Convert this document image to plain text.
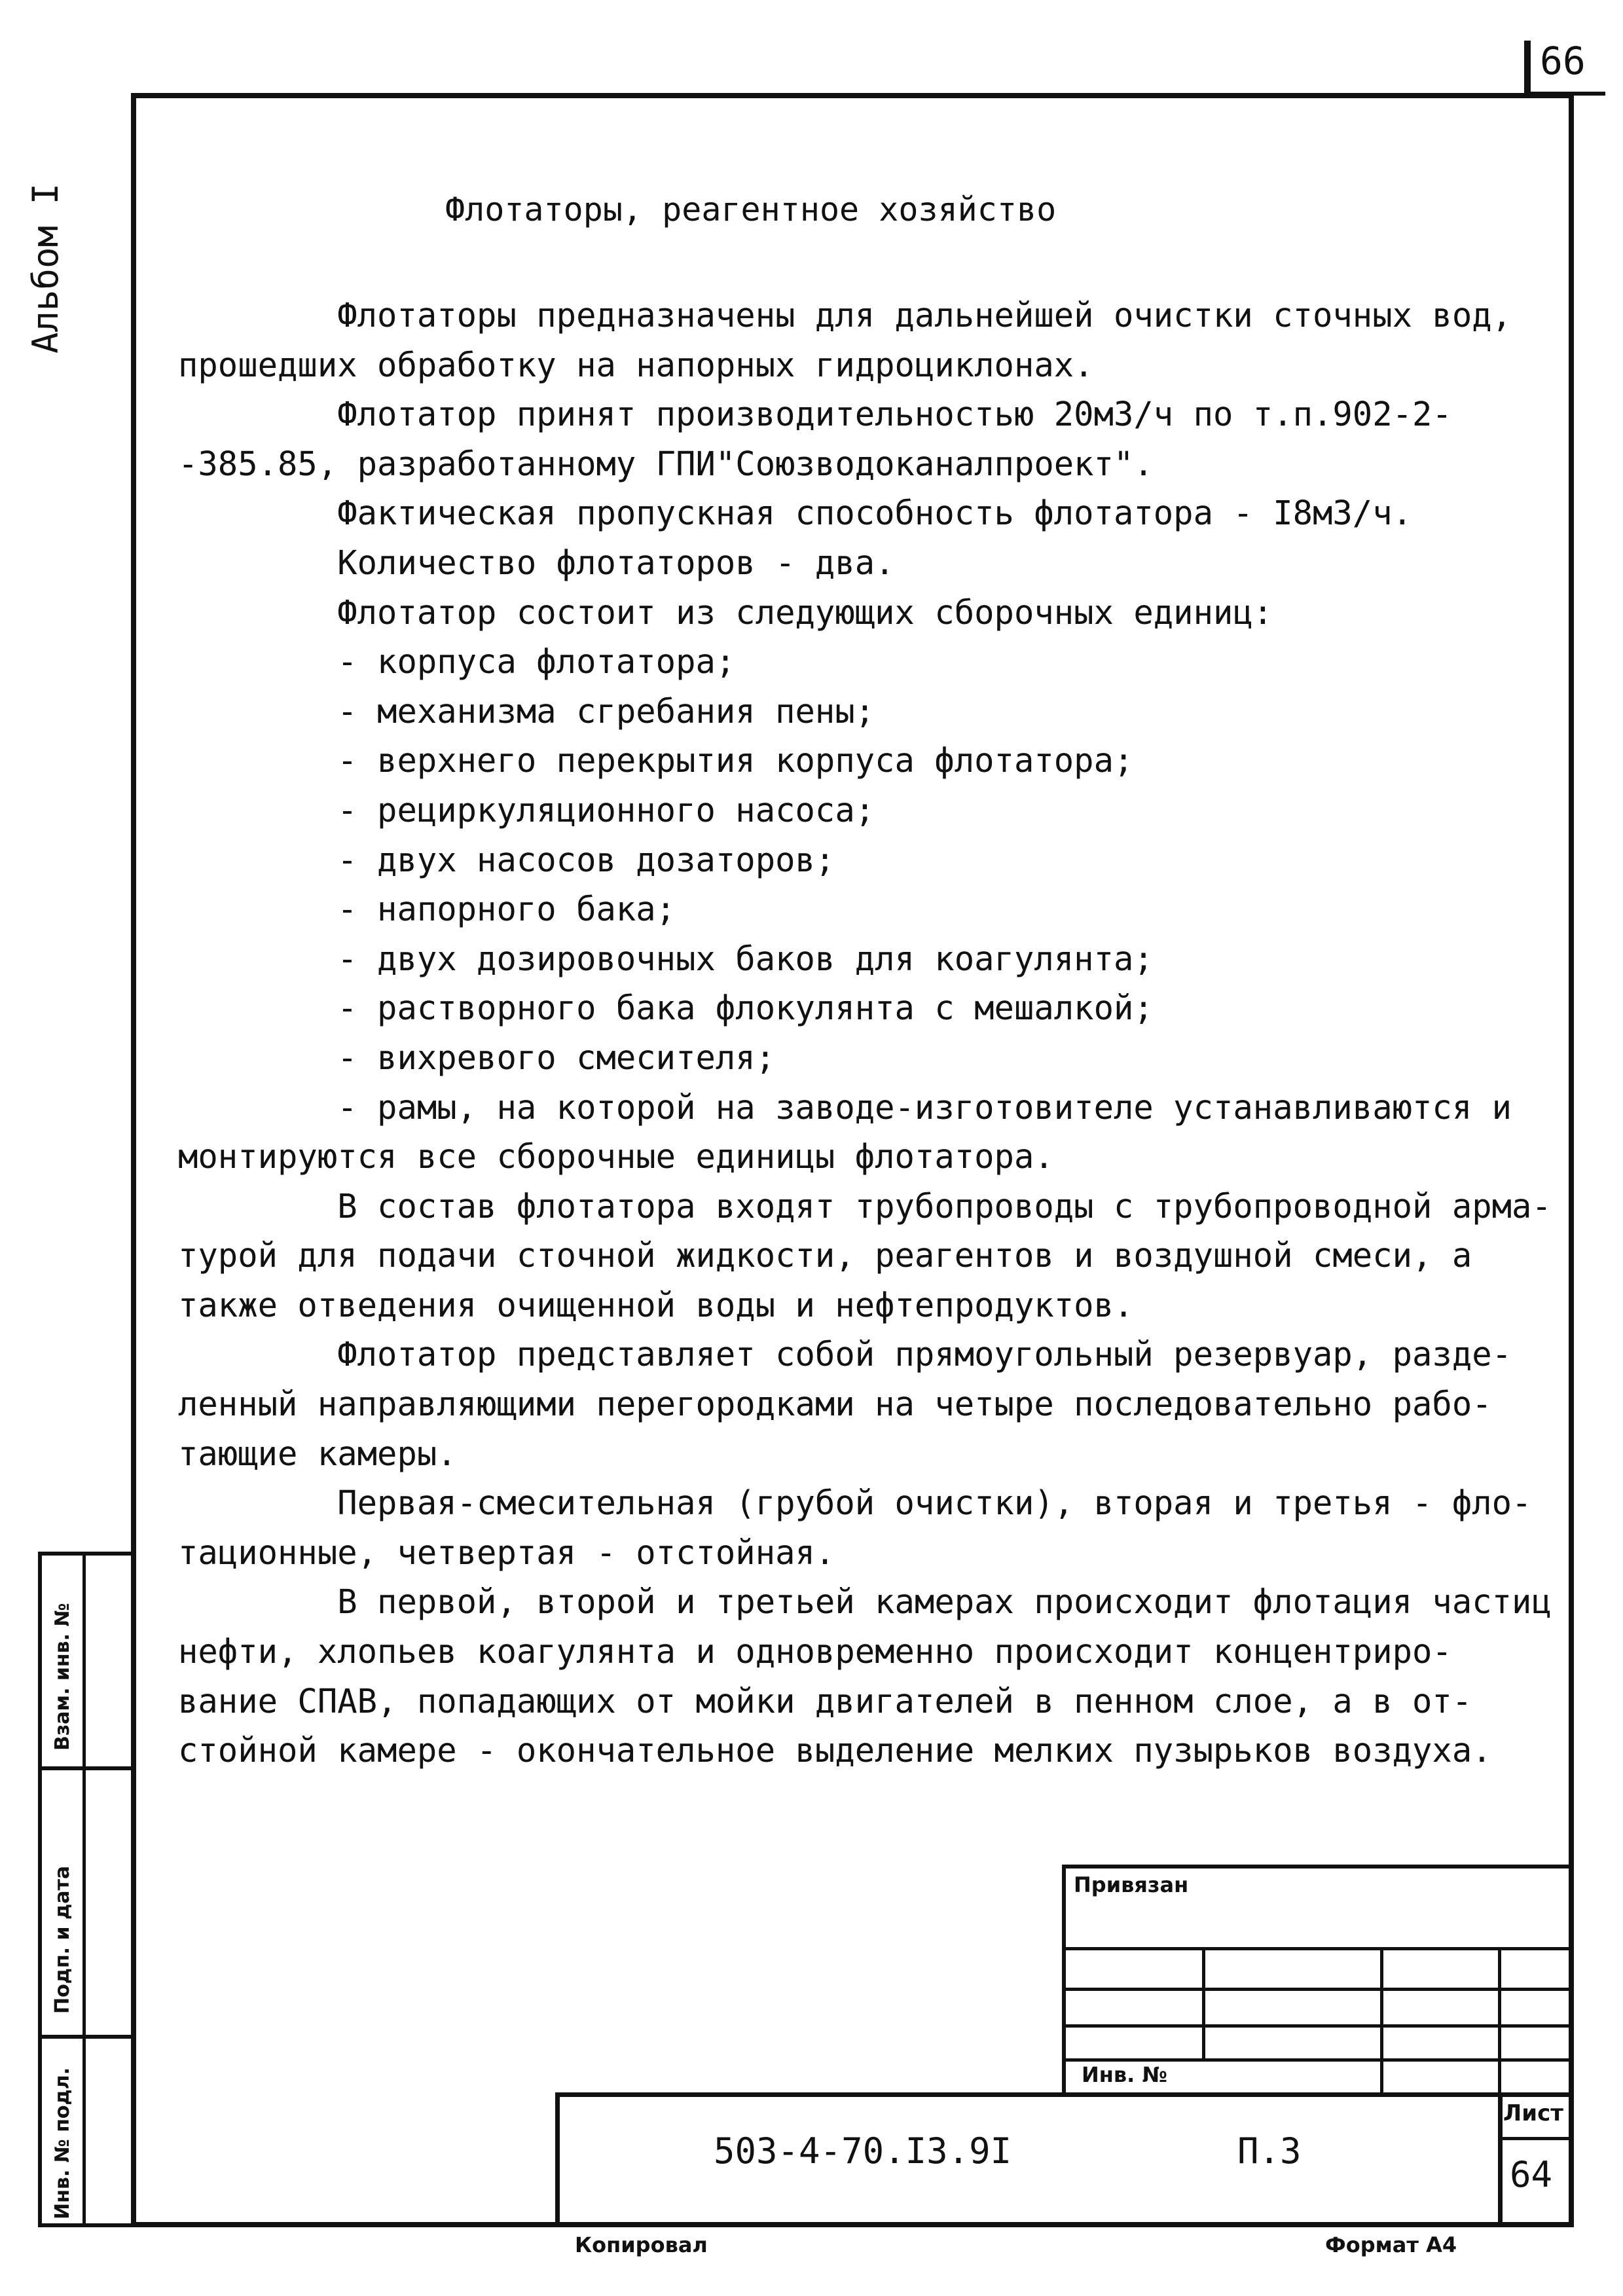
66
Альбом I
Взам. инв. №
Подп. и дата
Инв. № подл.
Флотаторы, реагентное хозяйство
Флотаторы предназначены для дальнейшей очистки сточных вод,
прошедших обработку на напорных гидроциклонах.
Флотатор принят производительностью 20м3/ч по т.п.902-2-
-385.85, разработанному ГПИ"Союзводоканалпроект".
Фактическая пропускная способность флотатора - I8м3/ч.
Количество флотаторов - два.
Флотатор состоит из следующих сборочных единиц:
- корпуса флотатора;
- механизма сгребания пены;
- верхнего перекрытия корпуса флотатора;
- рециркуляционного насоса;
- двух насосов дозаторов;
- напорного бака;
- двух дозировочных баков для коагулянта;
- растворного бака флокулянта с мешалкой;
- вихревого смесителя;
- рамы, на которой на заводе-изготовителе устанавливаются и
монтируются все сборочные единицы флотатора.
В состав флотатора входят трубопроводы с трубопроводной арма-
турой для подачи сточной жидкости, реагентов и воздушной смеси, а
также отведения очищенной воды и нефтепродуктов.
Флотатор представляет собой прямоугольный резервуар, разде-
ленный направляющими перегородками на четыре последовательно рабо-
тающие камеры.
Первая-смесительная (грубой очистки), вторая и третья - фло-
тационные, четвертая - отстойная.
В первой, второй и третьей камерах происходит флотация частиц
нефти, хлопьев коагулянта и одновременно происходит концентриро-
вание СПАВ, попадающих от мойки двигателей в пенном слое, а в от-
стойной камере - окончательное выделение мелких пузырьков воздуха.
Привязан
Инв. №
503-4-70.I3.9I	П.3
Лист
64
Копировал	Формат А4
